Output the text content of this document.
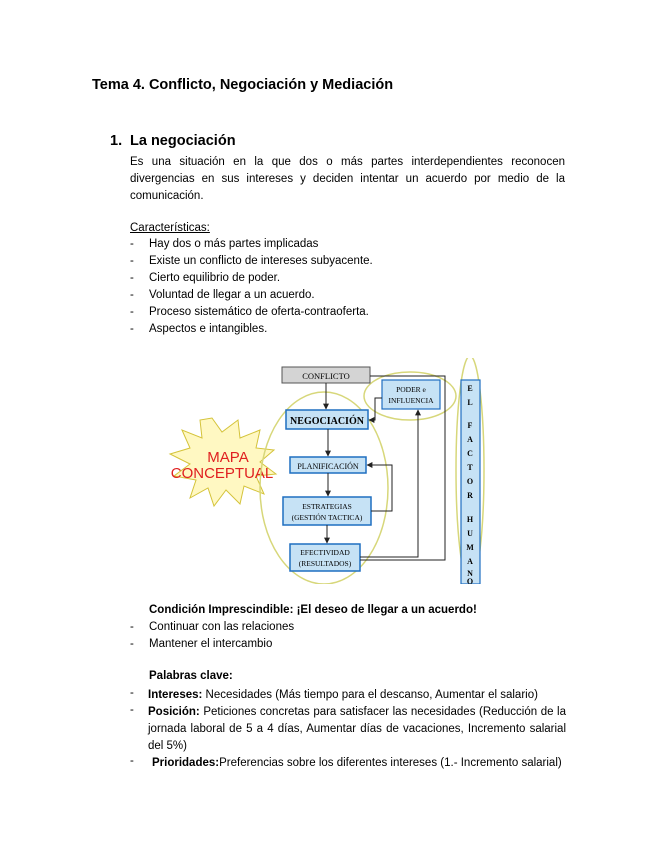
Tema 4. Conflicto, Negociación y Mediación
1. La negociación
Es una situación en la que dos o más partes interdependientes reconocen divergencias en sus intereses y deciden intentar un acuerdo por medio de la comunicación.
Características:
- Hay dos o más partes implicadas
- Existe un conflicto de intereses subyacente.
- Cierto equilibrio de poder.
- Voluntad de llegar a un acuerdo.
- Proceso sistemático de oferta-contraoferta.
- Aspectos e intangibles.
MAPA
CONCEPTUAL
CONFLICTO
PODER e
INFLUENCIA
NEGOCIACIÓN
PLANIFICACIÓN
ESTRATEGIAS
(GESTIÓN TACTICA)
EFECTIVIDAD
(RESULTADOS)
E
L
F
A
C
T
O
R
H
U
M
A
N
O
Condición Imprescindible: ¡El deseo de llegar a un acuerdo!
- Continuar con las relaciones
- Mantener el intercambio
Palabras clave:
- Intereses: Necesidades (Más tiempo para el descanso, Aumentar el salario)
- Posición: Peticiones concretas para satisfacer las necesidades (Reducción de la jornada laboral de 5 a 4 días, Aumentar días de vacaciones, Incremento salarial del 5%)
- Prioridades:Preferencias sobre los diferentes intereses (1.- Incremento salarial)
